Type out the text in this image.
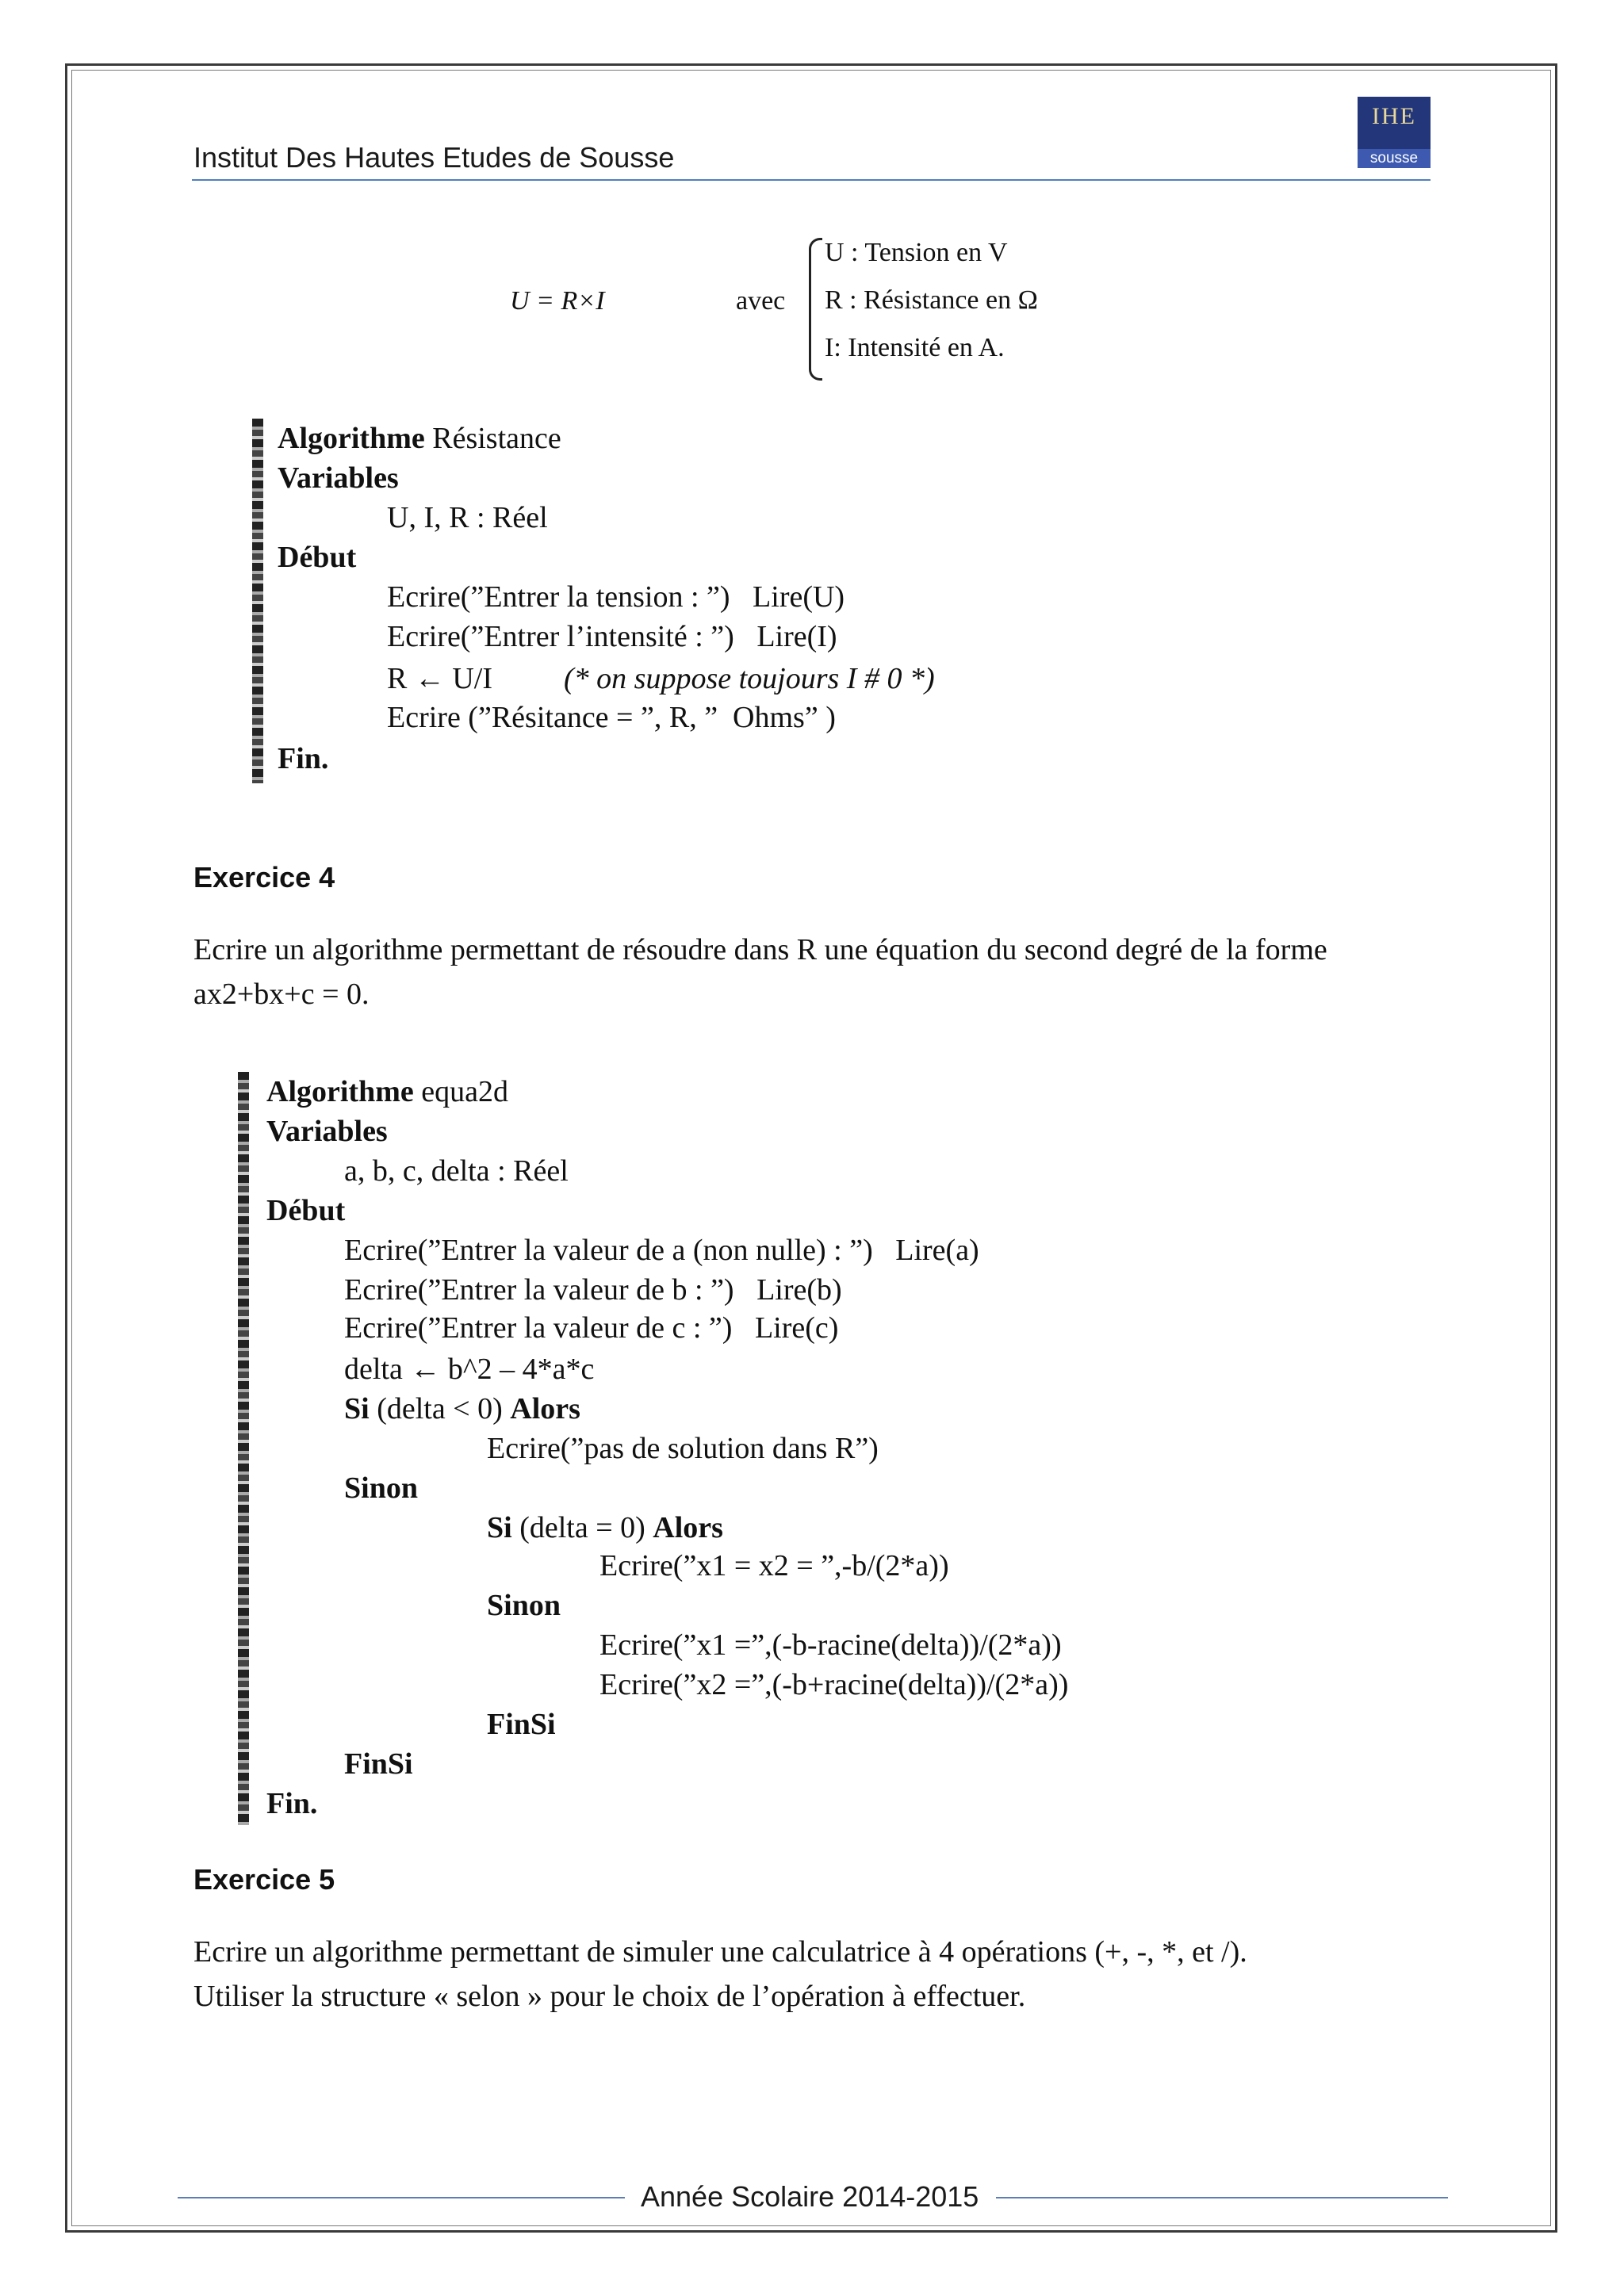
Institut Des Hautes Etudes de Sousse
IHE
sousse
U = R×I	avec
U : Tension en V
R : Résistance en Ω
I: Intensité en A.
Algorithme Résistance
Variables
U, I, R : Réel
Début
Ecrire(”Entrer la tension : ”)   Lire(U)
Ecrire(”Entrer l’intensité : ”)   Lire(I)
R ← U/I (* on suppose toujours I # 0 *)
Ecrire (”Résitance = ”, R, ”  Ohms” )
Fin.
Exercice 4
Ecrire un algorithme permettant de résoudre dans R une équation du second degré de la forme
ax2+bx+c = 0.
Algorithme equa2d
Variables
a, b, c, delta : Réel
Début
Ecrire(”Entrer la valeur de a (non nulle) : ”)   Lire(a)
Ecrire(”Entrer la valeur de b : ”)   Lire(b)
Ecrire(”Entrer la valeur de c : ”)   Lire(c)
delta ← b^2 – 4*a*c
Si (delta < 0) Alors
Ecrire(”pas de solution dans R”)
Sinon
Si (delta = 0) Alors
Ecrire(”x1 = x2 = ”,-b/(2*a))
Sinon
Ecrire(”x1 =”,(-b-racine(delta))/(2*a))
Ecrire(”x2 =”,(-b+racine(delta))/(2*a))
FinSi
FinSi
Fin.
Exercice 5
Ecrire un algorithme permettant de simuler une calculatrice à 4 opérations (+, -, *, et /).
Utiliser la structure « selon » pour le choix de l’opération à effectuer.
Année Scolaire 2014-2015
